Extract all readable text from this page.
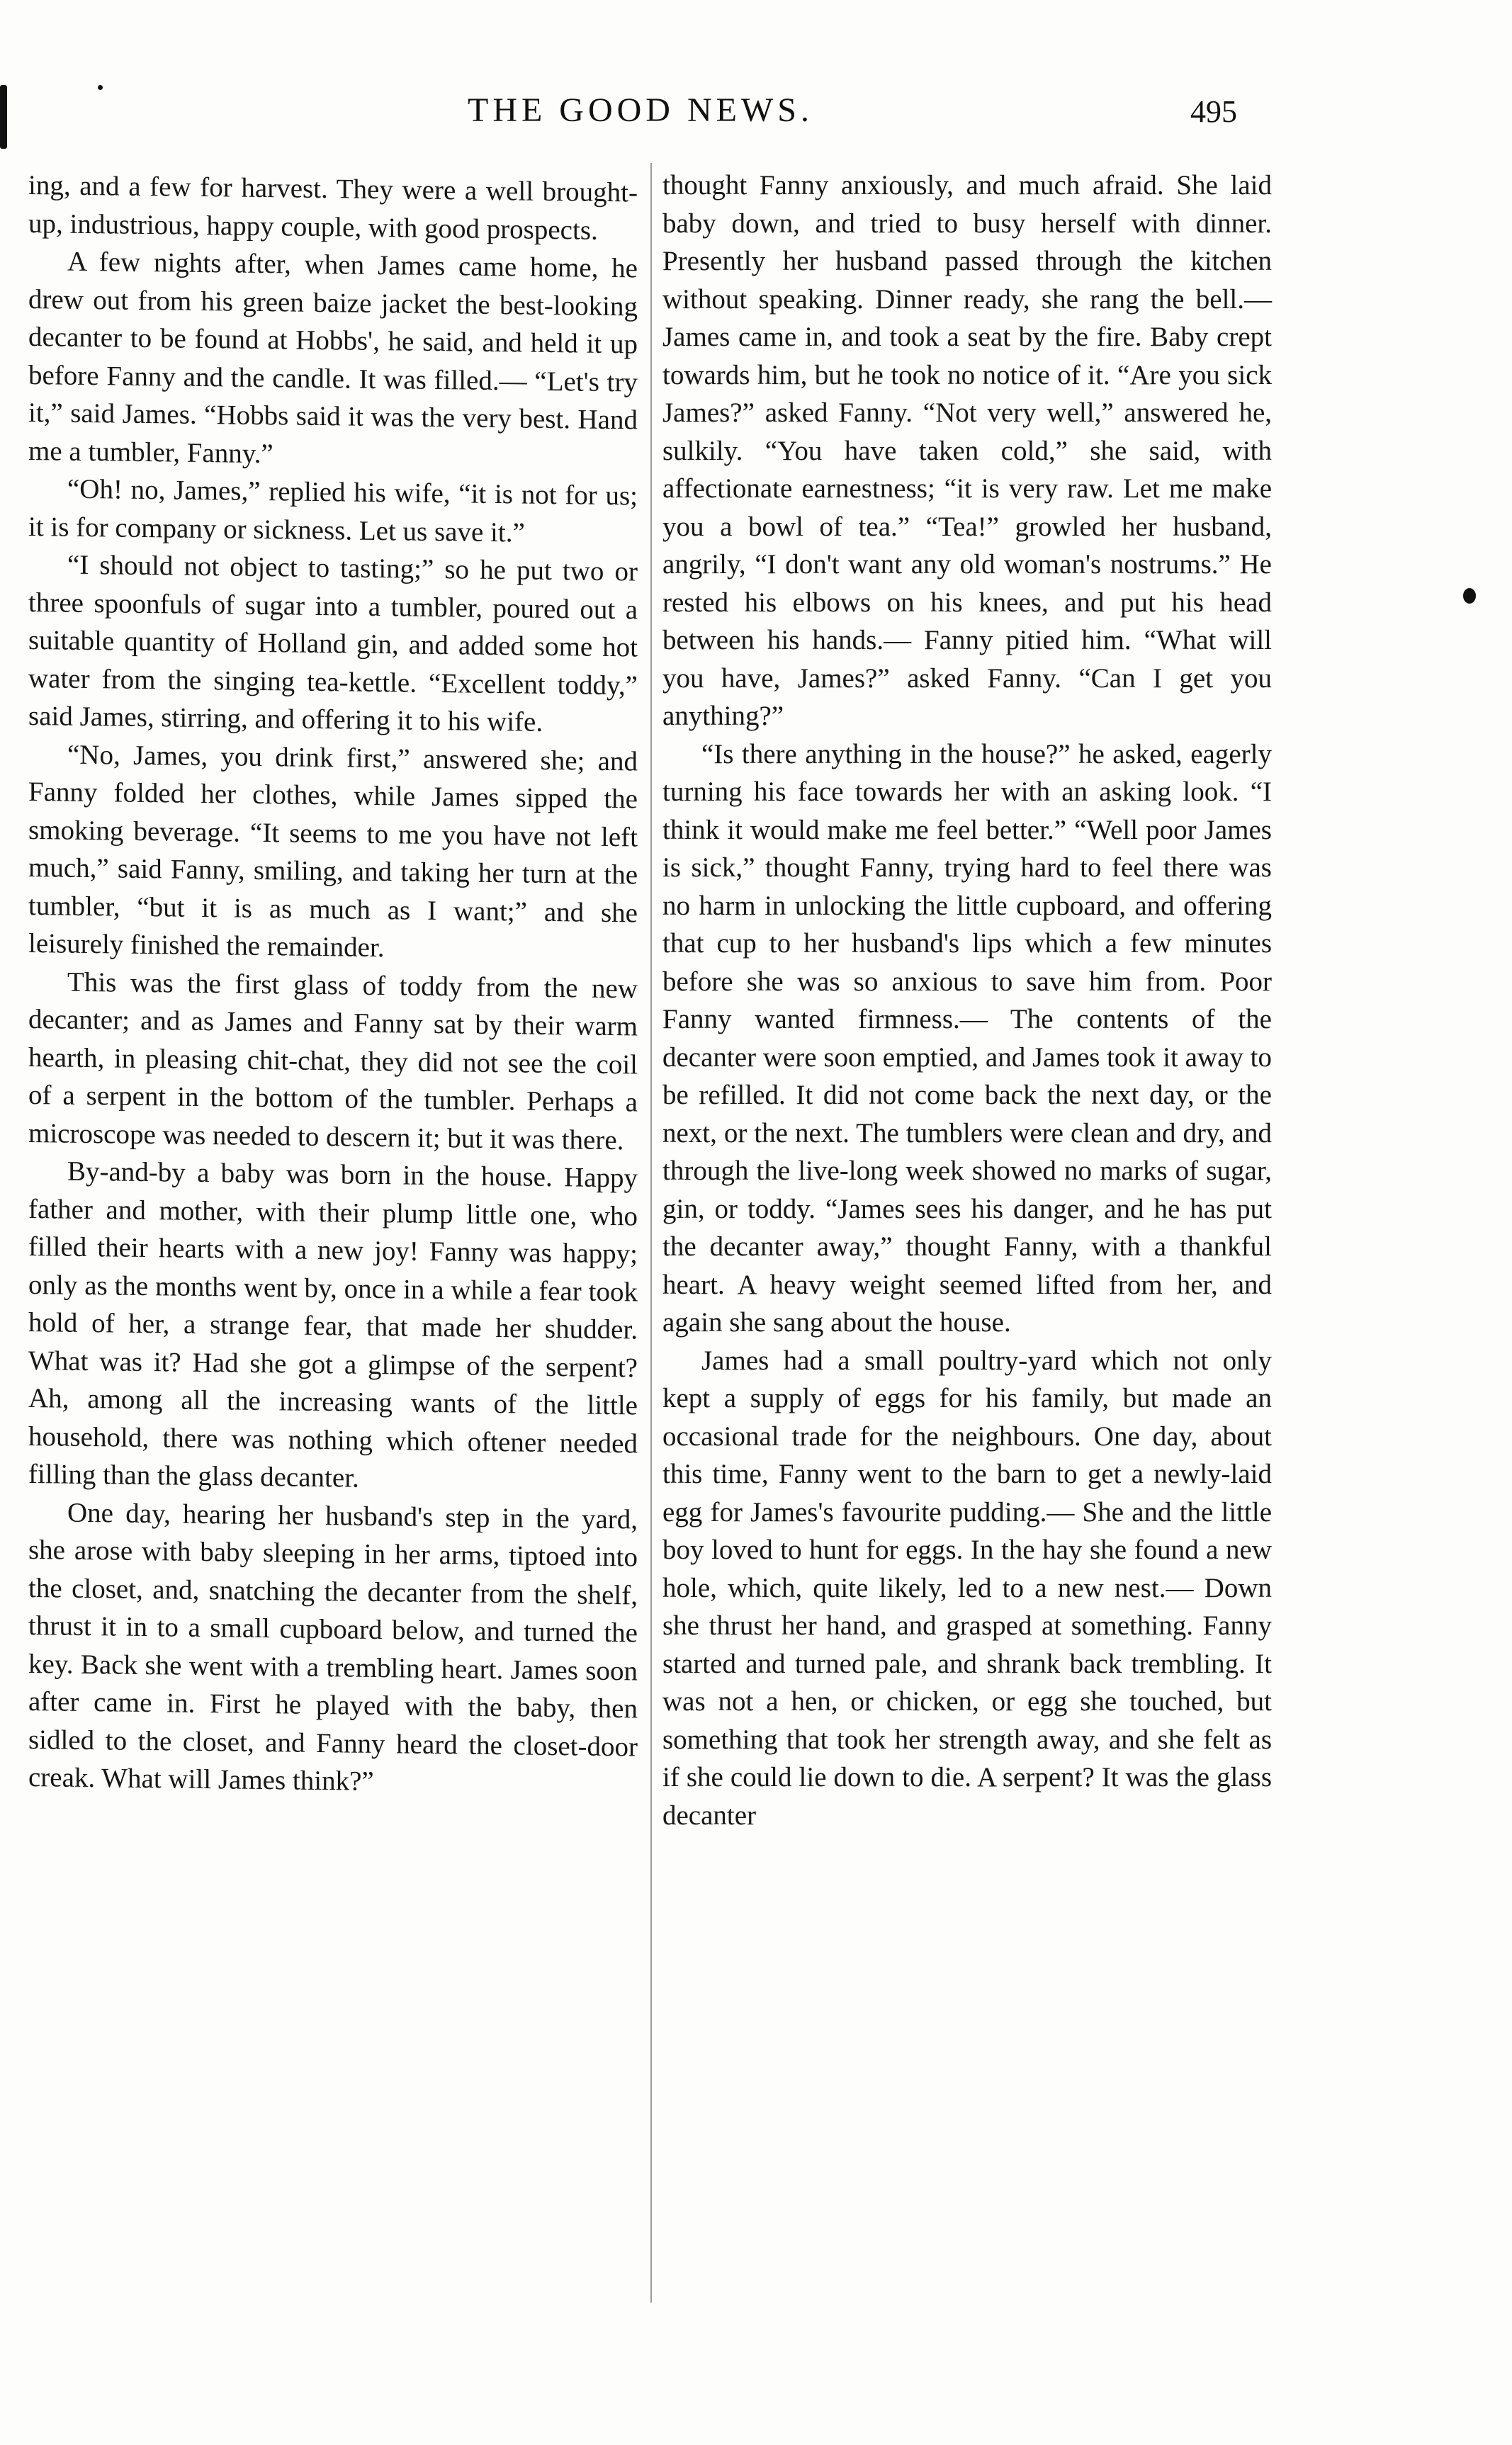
THE GOOD NEWS.	495

ing, and a few for harvest. They were a well brought-up, industrious, happy couple, with good prospects.

A few nights after, when James came home, he drew out from his green baize jacket the best-looking decanter to be found at Hobbs', he said, and held it up before Fanny and the candle. It was filled.— “Let's try it,” said James. “Hobbs said it was the very best. Hand me a tumbler, Fanny.”

“Oh! no, James,” replied his wife, “it is not for us; it is for company or sickness. Let us save it.”

“I should not object to tasting;” so he put two or three spoonfuls of sugar into a tumbler, poured out a suitable quantity of Holland gin, and added some hot water from the singing tea-kettle. “Excellent toddy,” said James, stirring, and offering it to his wife.

“No, James, you drink first,” answered she; and Fanny folded her clothes, while James sipped the smoking beverage. “It seems to me you have not left much,” said Fanny, smiling, and taking her turn at the tumbler, “but it is as much as I want;” and she leisurely finished the remainder.

This was the first glass of toddy from the new decanter; and as James and Fanny sat by their warm hearth, in pleasing chit-chat, they did not see the coil of a serpent in the bottom of the tumbler. Perhaps a microscope was needed to descern it; but it was there.

By-and-by a baby was born in the house. Happy father and mother, with their plump little one, who filled their hearts with a new joy! Fanny was happy; only as the months went by, once in a while a fear took hold of her, a strange fear, that made her shudder. What was it? Had she got a glimpse of the serpent? Ah, among all the increasing wants of the little household, there was nothing which oftener needed filling than the glass decanter.

One day, hearing her husband's step in the yard, she arose with baby sleeping in her arms, tiptoed into the closet, and, snatching the decanter from the shelf, thrust it in to a small cupboard below, and turned the key. Back she went with a trembling heart. James soon after came in. First he played with the baby, then sidled to the closet, and Fanny heard the closet-door creak. What will James think?”

thought Fanny anxiously, and much afraid. She laid baby down, and tried to busy herself with dinner. Presently her husband passed through the kitchen without speaking. Dinner ready, she rang the bell.— James came in, and took a seat by the fire. Baby crept towards him, but he took no notice of it. “Are you sick James?” asked Fanny. “Not very well,” answered he, sulkily. “You have taken cold,” she said, with affectionate earnestness; “it is very raw. Let me make you a bowl of tea.” “Tea!” growled her husband, angrily, “I don't want any old woman's nostrums.” He rested his elbows on his knees, and put his head between his hands.— Fanny pitied him. “What will you have, James?” asked Fanny. “Can I get you anything?”

“Is there anything in the house?” he asked, eagerly turning his face towards her with an asking look. “I think it would make me feel better.” “Well poor James is sick,” thought Fanny, trying hard to feel there was no harm in unlocking the little cupboard, and offering that cup to her husband's lips which a few minutes before she was so anxious to save him from. Poor Fanny wanted firmness.— The contents of the decanter were soon emptied, and James took it away to be refilled. It did not come back the next day, or the next, or the next. The tumblers were clean and dry, and through the live-long week showed no marks of sugar, gin, or toddy. “James sees his danger, and he has put the decanter away,” thought Fanny, with a thankful heart. A heavy weight seemed lifted from her, and again she sang about the house.

James had a small poultry-yard which not only kept a supply of eggs for his family, but made an occasional trade for the neighbours. One day, about this time, Fanny went to the barn to get a newly-laid egg for James's favourite pudding.— She and the little boy loved to hunt for eggs. In the hay she found a new hole, which, quite likely, led to a new nest.— Down she thrust her hand, and grasped at something. Fanny started and turned pale, and shrank back trembling. It was not a hen, or chicken, or egg she touched, but something that took her strength away, and she felt as if she could lie down to die. A serpent? It was the glass decanter
